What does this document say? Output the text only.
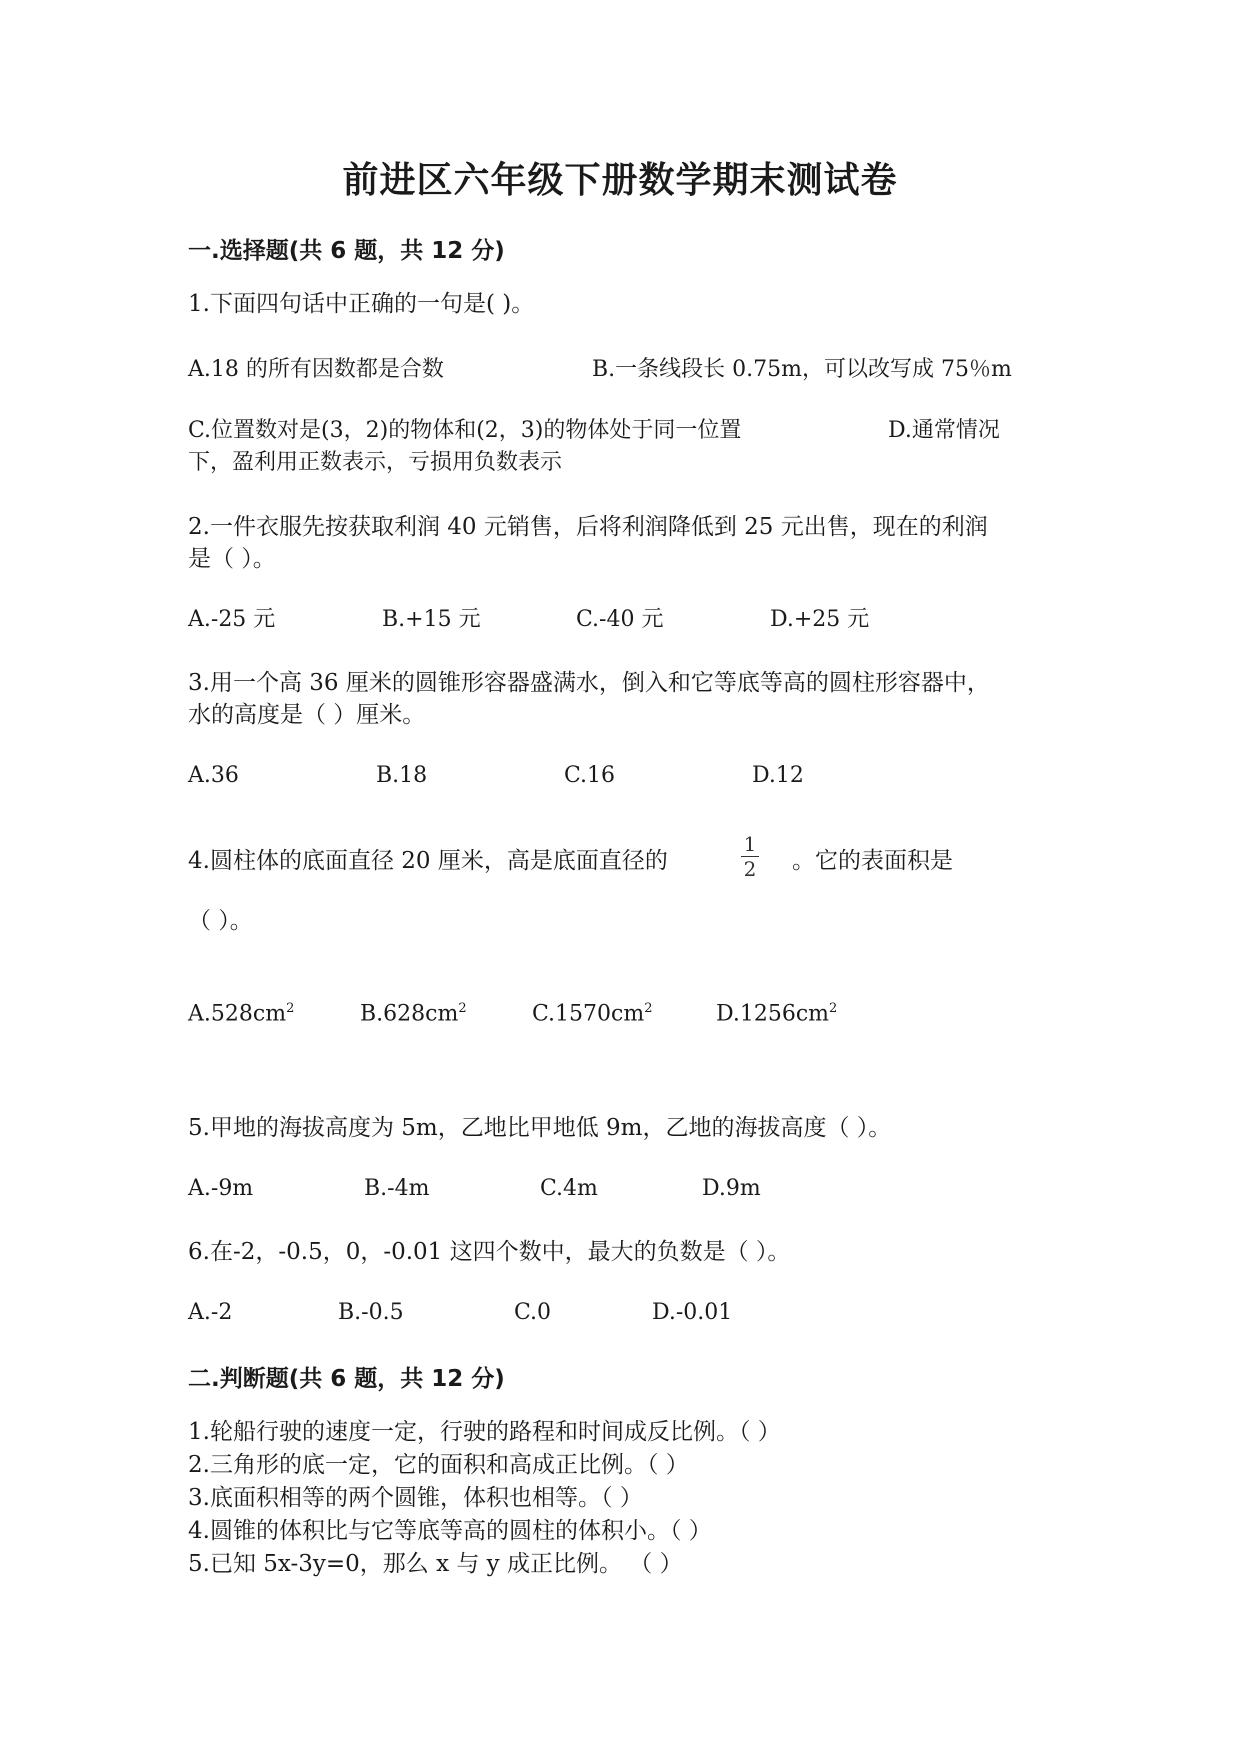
前进区六年级下册数学期末测试卷
一.选择题(共 6 题，共 12 分)
1.下面四句话中正确的一句是( )。
A.18 的所有因数都是合数	B.一条线段长 0.75m，可以改写成 75％m
C.位置数对是(3，2)的物体和(2，3)的物体处于同一位置	D.通常情况
下，盈利用正数表示，亏损用负数表示
2.一件衣服先按获取利润 40 元销售，后将利润降低到 25 元出售，现在的利润
是（ ）。
A.-25 元	B.+15 元	C.-40 元	D.+25 元
3.用一个高 36 厘米的圆锥形容器盛满水，倒入和它等底等高的圆柱形容器中，
水的高度是（ ）厘米。
A.36	B.18	C.16	D.12
4.圆柱体的底面直径 20 厘米，高是底面直径的
1
2 。它的表面积是
（ ）。
$A.528cm^2$	$B.628cm^2$	$C.1570cm^2$	$D.1256cm^2$
5.甲地的海拔高度为 5m，乙地比甲地低 9m，乙地的海拔高度（ ）。
A.-9m	B.-4m	C.4m	D.9m
6.在-2，-0.5，0，-0.01 这四个数中，最大的负数是（ ）。
A.-2	B.-0.5	C.0	D.-0.01
二.判断题(共 6 题，共 12 分)
1.轮船行驶的速度一定，行驶的路程和时间成反比例。（ ）
2.三角形的底一定，它的面积和高成正比例。（ ）
3.底面积相等的两个圆锥，体积也相等。（ ）
4.圆锥的体积比与它等底等高的圆柱的体积小。（ ）
5.已知 5x-3y=0，那么 x 与 y 成正比例。 （ ）
